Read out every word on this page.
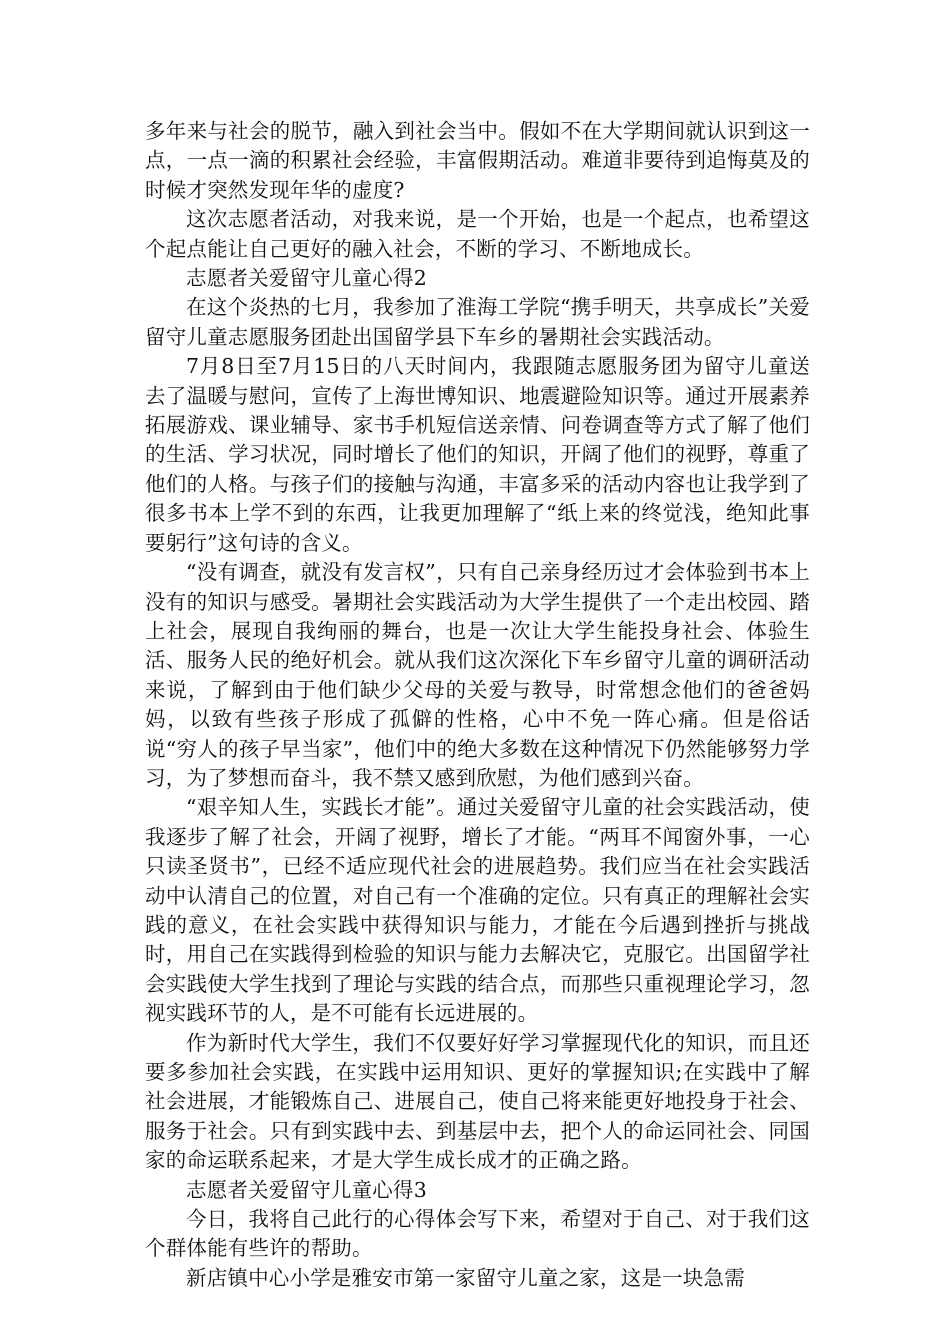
多年来与社会的脱节，融入到社会当中。假如不在大学期间就认识到这一点，一点一滴的积累社会经验，丰富假期活动。难道非要待到追悔莫及的时候才突然发现年华的虚度?

这次志愿者活动，对我来说，是一个开始，也是一个起点，也希望这个起点能让自己更好的融入社会，不断的学习、不断地成长。

志愿者关爱留守儿童心得2

在这个炎热的七月，我参加了淮海工学院“携手明天，共享成长”关爱留守儿童志愿服务团赴出国留学县下车乡的暑期社会实践活动。

7月8日至7月15日的八天时间内，我跟随志愿服务团为留守儿童送去了温暖与慰问，宣传了上海世博知识、地震避险知识等。通过开展素养拓展游戏、课业辅导、家书手机短信送亲情、问卷调查等方式了解了他们的生活、学习状况，同时增长了他们的知识，开阔了他们的视野，尊重了他们的人格。与孩子们的接触与沟通，丰富多采的活动内容也让我学到了很多书本上学不到的东西，让我更加理解了“纸上来的终觉浅，绝知此事要躬行”这句诗的含义。

“没有调查，就没有发言权”，只有自己亲身经历过才会体验到书本上没有的知识与感受。暑期社会实践活动为大学生提供了一个走出校园、踏上社会，展现自我绚丽的舞台，也是一次让大学生能投身社会、体验生活、服务人民的绝好机会。就从我们这次深化下车乡留守儿童的调研活动来说，了解到由于他们缺少父母的关爱与教导，时常想念他们的爸爸妈妈，以致有些孩子形成了孤僻的性格，心中不免一阵心痛。但是俗话说“穷人的孩子早当家”，他们中的绝大多数在这种情况下仍然能够努力学习，为了梦想而奋斗，我不禁又感到欣慰，为他们感到兴奋。

“艰辛知人生，实践长才能”。通过关爱留守儿童的社会实践活动，使我逐步了解了社会，开阔了视野，增长了才能。“两耳不闻窗外事，一心只读圣贤书”，已经不适应现代社会的进展趋势。我们应当在社会实践活动中认清自己的位置，对自己有一个准确的定位。只有真正的理解社会实践的意义，在社会实践中获得知识与能力，才能在今后遇到挫折与挑战时，用自己在实践得到检验的知识与能力去解决它，克服它。出国留学社会实践使大学生找到了理论与实践的结合点，而那些只重视理论学习，忽视实践环节的人，是不可能有长远进展的。

作为新时代大学生，我们不仅要好好学习掌握现代化的知识，而且还要多参加社会实践，在实践中运用知识、更好的掌握知识;在实践中了解社会进展，才能锻炼自己、进展自己，使自己将来能更好地投身于社会、服务于社会。只有到实践中去、到基层中去，把个人的命运同社会、同国家的命运联系起来，才是大学生成长成才的正确之路。

志愿者关爱留守儿童心得3

今日，我将自己此行的心得体会写下来，希望对于自己、对于我们这个群体能有些许的帮助。

新店镇中心小学是雅安市第一家留守儿童之家，这是一块急需
